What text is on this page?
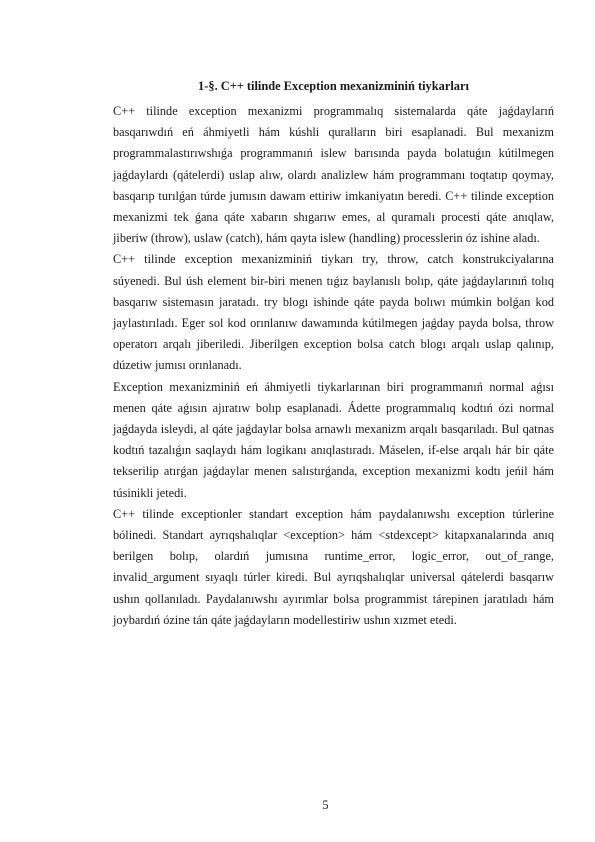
1-§. C++ tilinde Exception mexanizminiń tiykarları

C++ tilinde exception mexanizmi programmalıq sistemalarda qáte jaǵdaylarıń basqarıwdıń eń áhmiyetli hám kúshli quralların biri esaplanadi. Bul mexanizm programmalastırıwshıǵa programmanıń islew barısında payda bolatuǵın kútilmegen jaǵdaylardı (qátelerdi) uslap alıw, olardı analizlew hám programmanı toqtatıp qoymay, basqarıp turılǵan túrde jumısın dawam ettiriw imkaniyatın beredi. C++ tilinde exception mexanizmi tek ǵana qáte xabarın shıgarıw emes, al quramalı procesti qáte anıqlaw, jiberiw (throw), uslaw (catch), hám qayta islew (handling) processlerin óz ishine aladı.

C++ tilinde exception mexanizminiń tiykarı try, throw, catch konstrukciyalarına súyenedi. Bul úsh element bir-biri menen tıǵız baylanıslı bolıp, qáte jaǵdaylarınıń tolıq basqarıw sistemasın jaratadı. try blogı ishinde qáte payda bolıwı múmkin bolǵan kod jaylastırıladı. Eger sol kod orınlanıw dawamında kútilmegen jaǵday payda bolsa, throw operatorı arqalı jiberiledi. Jiberilgen exception bolsa catch blogı arqalı uslap qalınıp, dúzetiw jumısı orınlanadı.

Exception mexanizminiń eń áhmiyetli tiykarlarınan biri programmanıń normal aǵısı menen qáte aǵısın ajıratıw bolıp esaplanadi. Ádette programmalıq kodtıń ózi normal jaǵdayda isleydi, al qáte jaǵdaylar bolsa arnawlı mexanizm arqalı basqarıladı. Bul qatnas kodtıń tazalıǵın saqlaydı hám logikanı anıqlastıradı. Máselen, if-else arqalı hár bir qáte tekserilip atırǵan jaǵdaylar menen salıstırǵanda, exception mexanizmi kodtı jeńil hám túsinikli jetedi.

C++ tilinde exceptionler standart exception hám paydalanıwshı exception túrlerine bólinedi. Standart ayrıqshalıqlar <exception> hám <stdexcept> kitapxanalarında anıq berilgen bolıp, olardıń jumısına runtime_error, logic_error, out_of_range, invalid_argument sıyaqlı túrler kiredi. Bul ayrıqshalıqlar universal qátelerdi basqarıw ushın qollanıladı. Paydalanıwshı ayırımlar bolsa programmist tárepinen jaratıladı hám joybardıń ózine tán qáte jaǵdayların modellestiriw ushın xızmet etedi.

5
